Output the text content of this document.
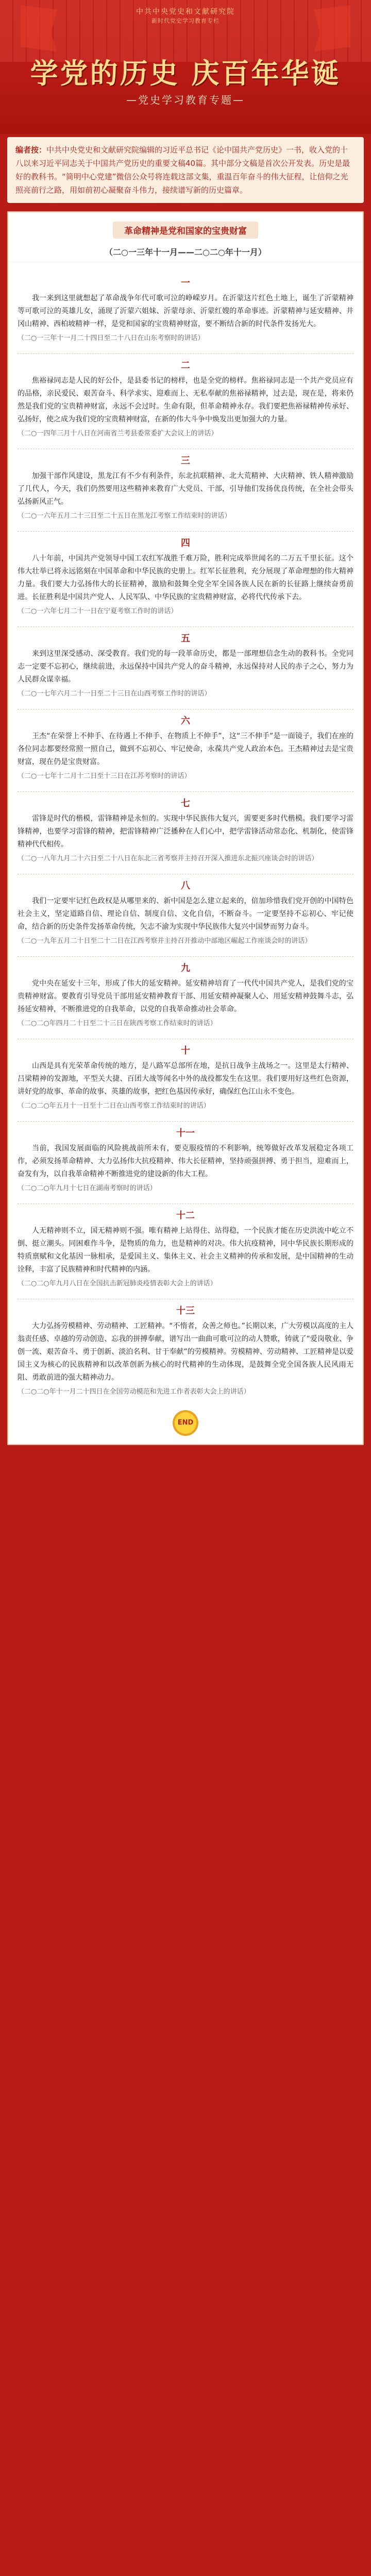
中共中央党史和文献研究院
新时代党史学习教育专栏
学党的历史 庆百年华诞
—党史学习教育专题—
编者按：中共中央党史和文献研究院编辑的习近平总书记《论中国共产党历史》一书，收入党的十八以来习近平同志关于中国共产党历史的重要文稿40篇。其中部分文稿是首次公开发表。历史是最好的教科书。“简明中心党建”微信公众号将连载这部文集，重温百年奋斗的伟大征程，让信仰之光照亮前行之路，用如前初心凝聚奋斗伟力，接续谱写新的历史篇章。
革命精神是党和国家的宝贵财富
（二○一三年十一月——二○二○年十一月）
一
我一来到这里就想起了革命战争年代可歌可泣的峥嵘岁月。在沂蒙这片红色土地上，诞生了沂蒙精神等可歌可泣的英雄儿女，涌现了沂蒙六姐妹、沂蒙母亲、沂蒙红嫂的革命事迹。沂蒙精神与延安精神、井冈山精神、西柏坡精神一样，是党和国家的宝贵精神财富，要不断结合新的时代条件发扬光大。
（二○一三年十一月二十四日至二十八日在山东考察时的讲话）
二
焦裕禄同志是人民的好公仆，是县委书记的榜样，也是全党的榜样。焦裕禄同志是一个共产党员应有的品格，亲民爱民、艰苦奋斗、科学求实、迎难而上、无私奉献的焦裕禄精神，过去是，现在是，将来仍然是我们党的宝贵精神财富，永远不会过时。生命有限，但革命精神永存。我们要把焦裕禄精神传承好、弘扬好，使之成为我们党的宝贵精神财富，在新的伟大斗争中焕发出更加强大的力量。
（二○一四年三月十八日在河南省兰考县委常委扩大会议上的讲话）
三
加强干部作风建设，黑龙江有不少有利条件，东北抗联精神、北大荒精神、大庆精神、铁人精神激励了几代人，今天，我们仍然要用这些精神来教育广大党员、干部，引导他们发扬优良传统，在全社会带头弘扬新风正气。
（二○一六年五月二十三日至二十五日在黑龙江考察工作结束时的讲话）
四
八十年前，中国共产党领导中国工农红军战胜千难万险，胜利完成举世闻名的二万五千里长征。这个伟大壮举已将永远铭刻在中国革命和中华民族的史册上。红军长征胜利，充分展现了革命理想的伟大精神力量。我们要大力弘扬伟大的长征精神，激励和鼓舞全党全军全国各族人民在新的长征路上继续奋勇前进。长征胜利是中国共产党人、人民军队、中华民族的宝贵精神财富，必将代代传承下去。
（二○一六年七月二十一日在宁夏考察工作时的讲话）
五
来到这里深受感动、深受教育。我们党的每一段革命历史，都是一部理想信念生动的教科书。全党同志一定要不忘初心，继续前进，永远保持中国共产党人的奋斗精神，永远保持对人民的赤子之心，努力为人民群众谋幸福。
（二○一七年六月二十一日至二十三日在山西考察工作时的讲话）
六
王杰“在荣誉上不伸手、在待遇上不伸手、在物质上不伸手”，这“三不伸手”是一面镜子，我们在座的各位同志都要经常照一照自己，做到不忘初心、牢记使命，永葆共产党人政治本色。王杰精神过去是宝贵财富，现在仍是宝贵财富。
（二○一七年十二月十二日至十三日在江苏考察时的讲话）
七
雷锋是时代的楷模，雷锋精神是永恒的。实现中华民族伟大复兴，需要更多时代楷模。我们要学习雷锋精神，也要学习雷锋的精神，把雷锋精神广泛播种在人们心中，把学雷锋活动常态化、机制化，使雷锋精神代代相传。
（二○一八年九月二十六日至二十八日在东北三省考察并主持召开深入推进东北振兴座谈会时的讲话）
八
我们一定要牢记红色政权是从哪里来的、新中国是怎么建立起来的，倍加珍惜我们党开创的中国特色社会主义，坚定道路自信、理论自信、制度自信、文化自信，不断奋斗。一定要坚持不忘初心、牢记使命，结合新的历史条件发扬革命传统，矢志不渝为实现中华民族伟大复兴中国梦而努力奋斗。
（二○一九年五月二十日至二十二日在江西考察并主持召开推动中部地区崛起工作座谈会时的讲话）
九
党中央在延安十三年，形成了伟大的延安精神。延安精神培育了一代代中国共产党人，是我们党的宝贵精神财富。要教育引导党员干部用延安精神教育干部、用延安精神凝聚人心、用延安精神鼓舞斗志，弘扬延安精神，不断推进党的自我革命，以党的自我革命推动社会革命。
（二○二○年四月二十日至二十三日在陕西考察工作结束时的讲话）
十
山西是具有光荣革命传统的地方，是八路军总部所在地，是抗日战争主战场之一。这里是太行精神、吕梁精神的发源地，平型关大捷、百团大战等闻名中外的战役都发生在这里。我们要用好这些红色资源，讲好党的故事、革命的故事、英雄的故事，把红色基因传承好，确保红色江山永不变色。
（二○二○年五月十一日至十二日在山西考察工作结束时的讲话）
十一
当前，我国发展面临的风险挑战前所未有，要克服疫情的不利影响，统筹做好改革发展稳定各项工作，必须发扬革命精神、大力弘扬伟大抗疫精神、伟大长征精神，坚持顽强拼搏、勇于担当，迎难而上，奋发有为，以自我革命精神不断推进党的建设新的伟大工程。
（二○二○年九月十七日在湖南考察时的讲话）
十二
人无精神则不立，国无精神则不强。唯有精神上站得住、站得稳，一个民族才能在历史洪流中屹立不倒、挺立潮头。同困难作斗争，是物质的角力，也是精神的对决。伟大抗疫精神，同中华民族长期形成的特质禀赋和文化基因一脉相承，是爱国主义、集体主义、社会主义精神的传承和发展，是中国精神的生动诠释，丰富了民族精神和时代精神的内涵。
（二○二○年九月八日在全国抗击新冠肺炎疫情表彰大会上的讲话）
十三
大力弘扬劳模精神、劳动精神、工匠精神。“不惰者，众善之师也。”长期以来，广大劳模以高度的主人翁责任感、卓越的劳动创造、忘我的拼搏奉献，谱写出一曲曲可歌可泣的动人赞歌，铸就了“爱岗敬业、争创一流、艰苦奋斗、勇于创新、淡泊名利、甘于奉献”的劳模精神。劳模精神、劳动精神、工匠精神是以爱国主义为核心的民族精神和以改革创新为核心的时代精神的生动体现，是鼓舞全党全国各族人民风雨无阻、勇敢前进的强大精神动力。
（二○二○年十一月二十四日在全国劳动模范和先进工作者表彰大会上的讲话）
END
